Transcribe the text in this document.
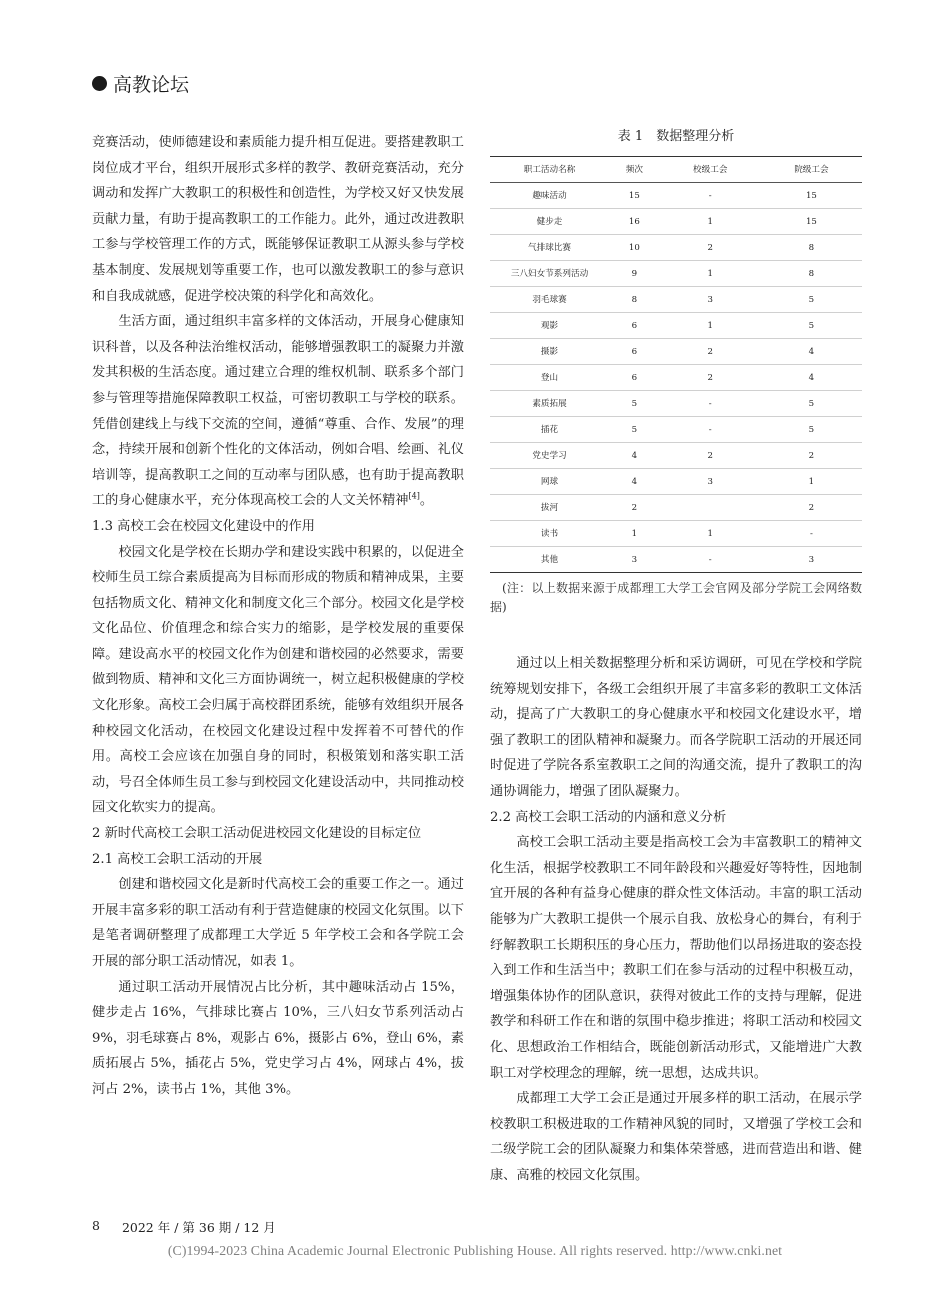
高教论坛

竞赛活动，使师德建设和素质能力提升相互促进。要搭建教职工岗位成才平台，组织开展形式多样的教学、教研竞赛活动，充分调动和发挥广大教职工的积极性和创造性，为学校又好又快发展贡献力量，有助于提高教职工的工作能力。此外，通过改进教职工参与学校管理工作的方式，既能够保证教职工从源头参与学校基本制度、发展规划等重要工作，也可以激发教职工的参与意识和自我成就感，促进学校决策的科学化和高效化。

生活方面，通过组织丰富多样的文体活动，开展身心健康知识科普，以及各种法治维权活动，能够增强教职工的凝聚力并激发其积极的生活态度。通过建立合理的维权机制、联系多个部门参与管理等措施保障教职工权益，可密切教职工与学校的联系。凭借创建线上与线下交流的空间，遵循“尊重、合作、发展”的理念，持续开展和创新个性化的文体活动，例如合唱、绘画、礼仪培训等，提高教职工之间的互动率与团队感，也有助于提高教职工的身心健康水平，充分体现高校工会的人文关怀精神[4]。

1.3 高校工会在校园文化建设中的作用

校园文化是学校在长期办学和建设实践中积累的，以促进全校师生员工综合素质提高为目标而形成的物质和精神成果，主要包括物质文化、精神文化和制度文化三个部分。校园文化是学校文化品位、价值理念和综合实力的缩影，是学校发展的重要保障。建设高水平的校园文化作为创建和谐校园的必然要求，需要做到物质、精神和文化三方面协调统一，树立起积极健康的学校文化形象。高校工会归属于高校群团系统，能够有效组织开展各种校园文化活动，在校园文化建设过程中发挥着不可替代的作用。高校工会应该在加强自身的同时，积极策划和落实职工活动，号召全体师生员工参与到校园文化建设活动中，共同推动校园文化软实力的提高。

2 新时代高校工会职工活动促进校园文化建设的目标定位

2.1 高校工会职工活动的开展

创建和谐校园文化是新时代高校工会的重要工作之一。通过开展丰富多彩的职工活动有利于营造健康的校园文化氛围。以下是笔者调研整理了成都理工大学近 5 年学校工会和各学院工会开展的部分职工活动情况，如表 1。

通过职工活动开展情况占比分析，其中趣味活动占 15%，健步走占 16%，气排球比赛占 10%，三八妇女节系列活动占 9%，羽毛球赛占 8%，观影占 6%，摄影占 6%，登山 6%，素质拓展占 5%，插花占 5%，党史学习占 4%，网球占 4%，拔河占 2%，读书占 1%，其他 3%。

表 1　数据整理分析
职工活动名称	频次	校级工会	院级工会
趣味活动	15	-	15
健步走	16	1	15
气排球比赛	10	2	8
三八妇女节系列活动	9	1	8
羽毛球赛	8	3	5
观影	6	1	5
摄影	6	2	4
登山	6	2	4
素质拓展	5	-	5
插花	5	-	5
党史学习	4	2	2
网球	4	3	1
拔河	2		2
读书	1	1	-
其他	3	-	3
(注：以上数据来源于成都理工大学工会官网及部分学院工会网络数据)

通过以上相关数据整理分析和采访调研，可见在学校和学院统筹规划安排下，各级工会组织开展了丰富多彩的教职工文体活动，提高了广大教职工的身心健康水平和校园文化建设水平，增强了教职工的团队精神和凝聚力。而各学院职工活动的开展还同时促进了学院各系室教职工之间的沟通交流，提升了教职工的沟通协调能力，增强了团队凝聚力。

2.2 高校工会职工活动的内涵和意义分析

高校工会职工活动主要是指高校工会为丰富教职工的精神文化生活，根据学校教职工不同年龄段和兴趣爱好等特性，因地制宜开展的各种有益身心健康的群众性文体活动。丰富的职工活动能够为广大教职工提供一个展示自我、放松身心的舞台，有利于纾解教职工长期积压的身心压力，帮助他们以昂扬进取的姿态投入到工作和生活当中；教职工们在参与活动的过程中积极互动，增强集体协作的团队意识，获得对彼此工作的支持与理解，促进教学和科研工作在和谐的氛围中稳步推进；将职工活动和校园文化、思想政治工作相结合，既能创新活动形式，又能增进广大教职工对学校理念的理解，统一思想，达成共识。

成都理工大学工会正是通过开展多样的职工活动，在展示学校教职工积极进取的工作精神风貌的同时，又增强了学校工会和二级学院工会的团队凝聚力和集体荣誉感，进而营造出和谐、健康、高雅的校园文化氛围。

8 2022 年 / 第 36 期 / 12 月
(C)1994-2023 China Academic Journal Electronic Publishing House. All rights reserved. http://www.cnki.net
